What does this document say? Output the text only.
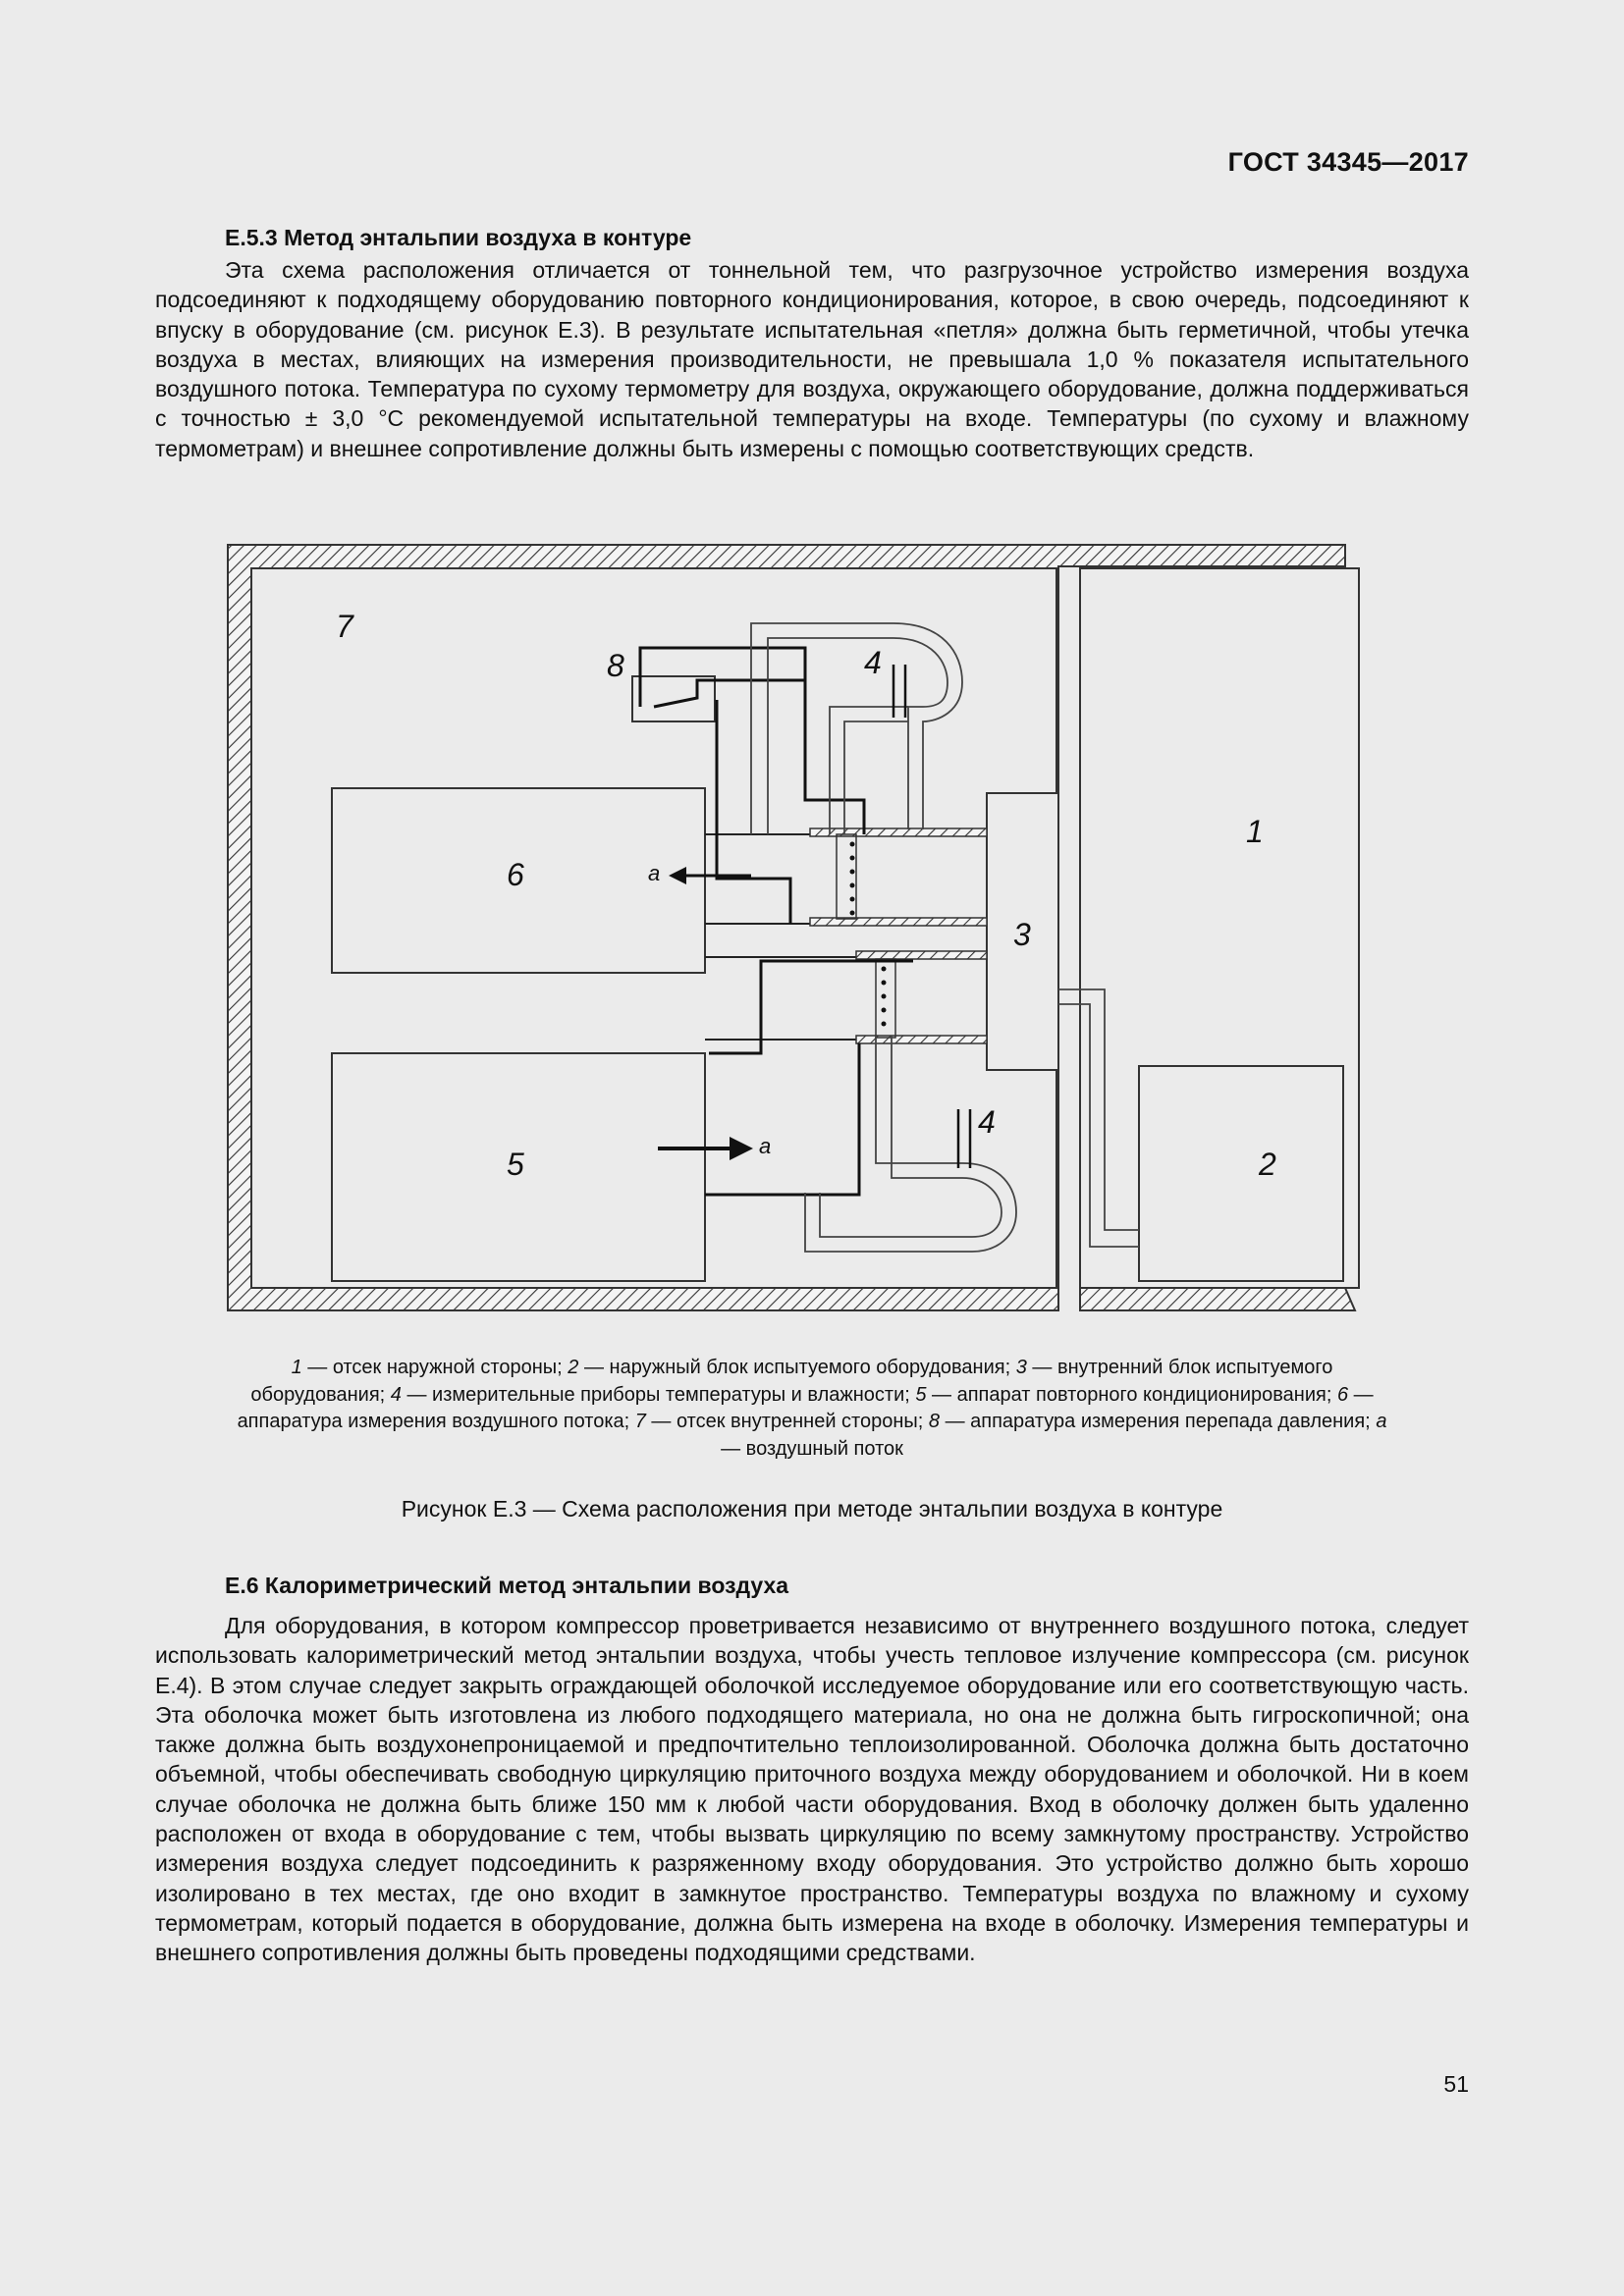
ГОСТ 34345—2017
Е.5.3 Метод энтальпии воздуха в контуре

Эта схема расположения отличается от тоннельной тем, что разгрузочное устройство измерения воздуха подсоединяют к подходящему оборудованию повторного кондиционирования, которое, в свою очередь, подсоединяют к впуску в оборудование (см. рисунок Е.3). В результате испытательная «петля» должна быть герметичной, чтобы утечка воздуха в местах, влияющих на измерения производительности, не превышала 1,0 % показателя испытательного воздушного потока. Температура по сухому термометру для воздуха, окружающего оборудование, должна поддерживаться с точностью ± 3,0 °С рекомендуемой испытательной температуры на входе. Температуры (по сухому и влажному термометрам) и внешнее сопротивление должны быть измерены с помощью соответствующих средств.

7
8	4
1
6	a
3
4
a
5	2
1 — отсек наружной стороны; 2 — наружный блок испытуемого оборудования; 3 — внутренний блок испытуемого оборудования; 4 — измерительные приборы температуры и влажности; 5 — аппарат повторного кондиционирования; 6 — аппаратура измерения воздушного потока; 7 — отсек внутренней стороны; 8 — аппаратура измерения перепада давления; a — воздушный поток
Рисунок Е.3 — Схема расположения при методе энтальпии воздуха в контуре
Е.6 Калориметрический метод энтальпии воздуха

Для оборудования, в котором компрессор проветривается независимо от внутреннего воздушного потока, следует использовать калориметрический метод энтальпии воздуха, чтобы учесть тепловое излучение компрессора (см. рисунок Е.4). В этом случае следует закрыть ограждающей оболочкой исследуемое оборудование или его соответствующую часть. Эта оболочка может быть изготовлена из любого подходящего материала, но она не должна быть гигроскопичной; она также должна быть воздухонепроницаемой и предпочтительно теплоизолированной. Оболочка должна быть достаточно объемной, чтобы обеспечивать свободную циркуляцию приточного воздуха между оборудованием и оболочкой. Ни в коем случае оболочка не должна быть ближе 150 мм к любой части оборудования. Вход в оболочку должен быть удаленно расположен от входа в оборудование с тем, чтобы вызвать циркуляцию по всему замкнутому пространству. Устройство измерения воздуха следует подсоединить к разряженному входу оборудования. Это устройство должно быть хорошо изолировано в тех местах, где оно входит в замкнутое пространство. Температуры воздуха по влажному и сухому термометрам, который подается в оборудование, должна быть измерена на входе в оболочку. Измерения температуры и внешнего сопротивления должны быть проведены подходящими средствами.

51
